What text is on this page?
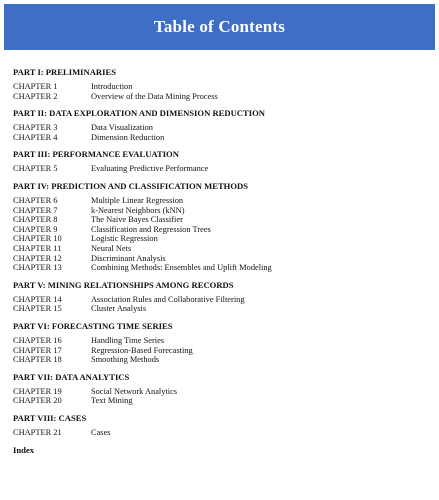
Table of Contents
PART I: PRELIMINARIES
CHAPTER 1	Introduction
CHAPTER 2	Overview of the Data Mining Process
PART II: DATA EXPLORATION AND DIMENSION REDUCTION
CHAPTER 3	Data Visualization
CHAPTER 4	Dimension Reduction
PART III: PERFORMANCE EVALUATION
CHAPTER 5	Evaluating Predictive Performance
PART IV: PREDICTION AND CLASSIFICATION METHODS
CHAPTER 6	Multiple Linear Regression
CHAPTER 7	k-Nearest Neighbors (kNN)
CHAPTER 8	The Naive Bayes Classifier
CHAPTER 9	Classification and Regression Trees
CHAPTER 10	Logistic Regression
CHAPTER 11	Neural Nets
CHAPTER 12	Discriminant Analysis
CHAPTER 13	Combining Methods: Ensembles and Uplift Modeling
PART V: MINING RELATIONSHIPS AMONG RECORDS
CHAPTER 14	Association Rules and Collaborative Filtering
CHAPTER 15	Cluster Analysis
PART VI: FORECASTING TIME SERIES
CHAPTER 16	Handling Time Series
CHAPTER 17	Regression-Based Forecasting
CHAPTER 18	Smoothing Methods
PART VII: DATA ANALYTICS
CHAPTER 19	Social Network Analytics
CHAPTER 20	Text Mining
PART VIII: CASES
CHAPTER 21	Cases
Index
